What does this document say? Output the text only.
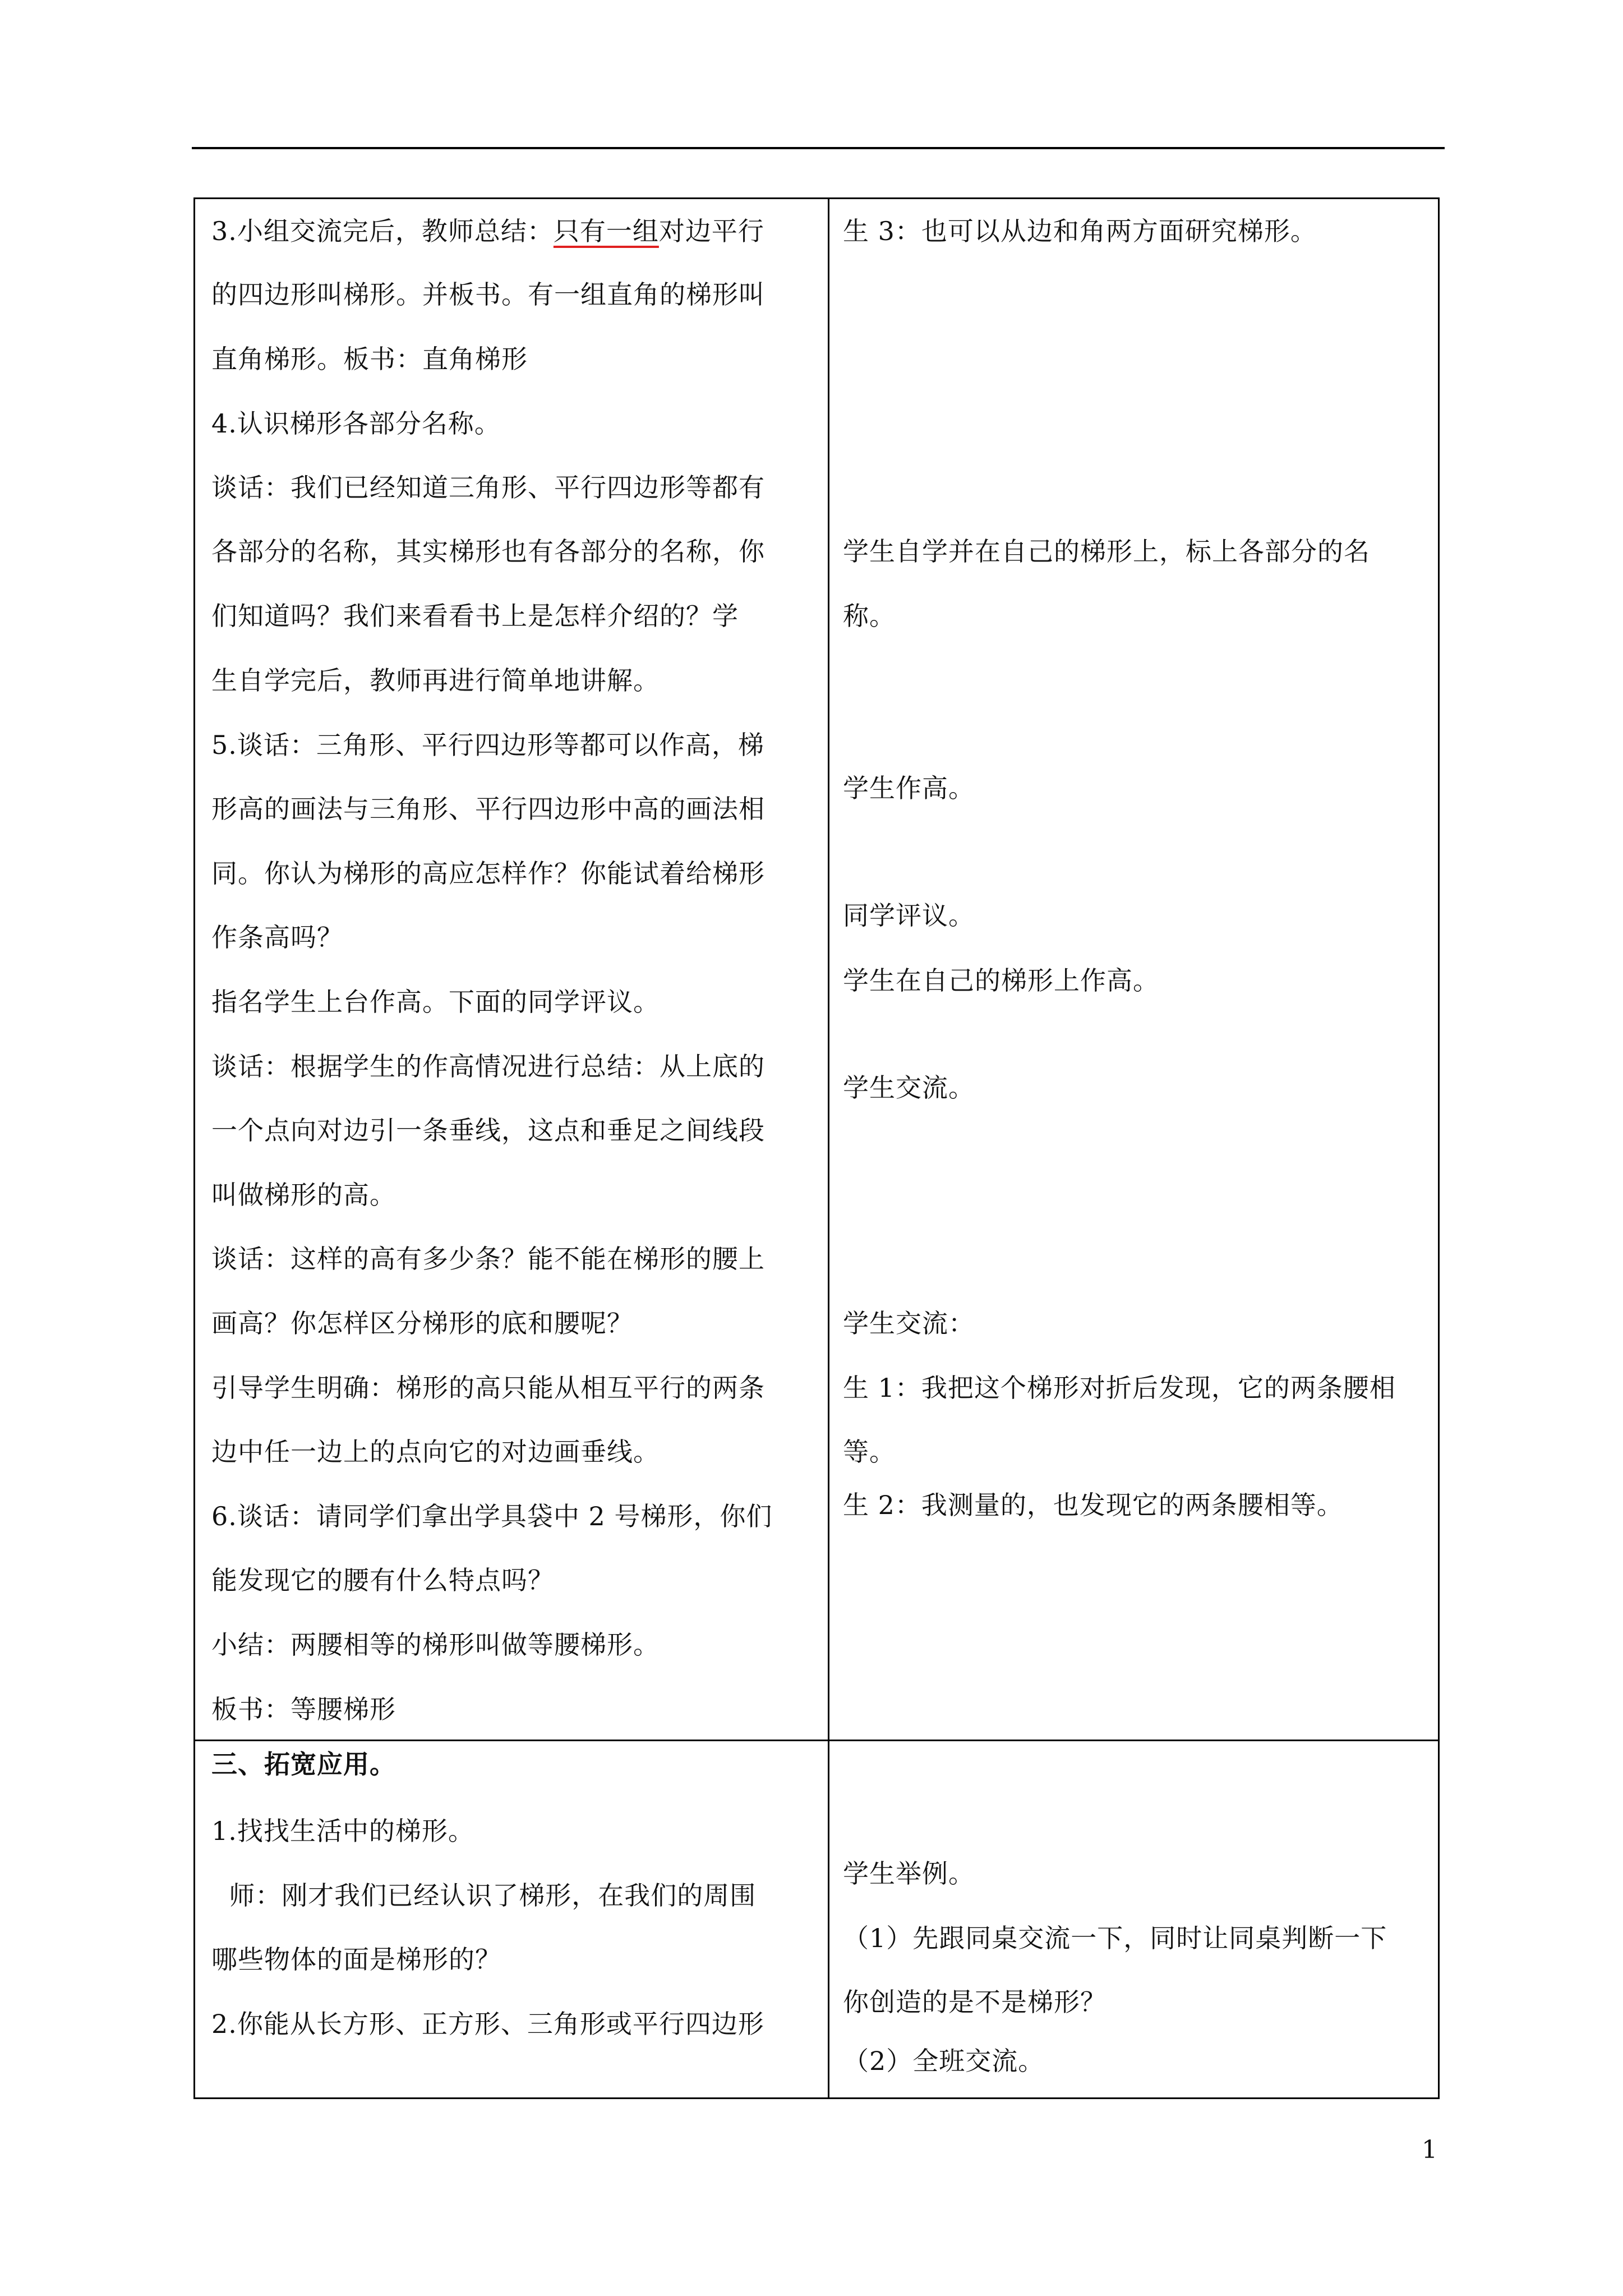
3.小组交流完后，教师总结：只有一组对边平行
的四边形叫梯形。并板书。有一组直角的梯形叫
直角梯形。板书：直角梯形
4.认识梯形各部分名称。
谈话：我们已经知道三角形、平行四边形等都有
各部分的名称，其实梯形也有各部分的名称，你
们知道吗？我们来看看书上是怎样介绍的？学
生自学完后，教师再进行简单地讲解。
5.谈话：三角形、平行四边形等都可以作高，梯
形高的画法与三角形、平行四边形中高的画法相
同。你认为梯形的高应怎样作？你能试着给梯形
作条高吗？
指名学生上台作高。下面的同学评议。
谈话：根据学生的作高情况进行总结：从上底的
一个点向对边引一条垂线，这点和垂足之间线段
叫做梯形的高。
谈话：这样的高有多少条？能不能在梯形的腰上
画高？你怎样区分梯形的底和腰呢？
引导学生明确：梯形的高只能从相互平行的两条
边中任一边上的点向它的对边画垂线。
6.谈话：请同学们拿出学具袋中 2 号梯形，你们
能发现它的腰有什么特点吗？
小结：两腰相等的梯形叫做等腰梯形。
板书：等腰梯形
三、拓宽应用。
1.找找生活中的梯形。
师：刚才我们已经认识了梯形，在我们的周围
哪些物体的面是梯形的？
2.你能从长方形、正方形、三角形或平行四边形
生 3：也可以从边和角两方面研究梯形。
学生自学并在自己的梯形上，标上各部分的名
称。
学生作高。
同学评议。
学生在自己的梯形上作高。
学生交流。
学生交流：
生 1：我把这个梯形对折后发现，它的两条腰相
等。
生 2：我测量的，也发现它的两条腰相等。
学生举例。
（1）先跟同桌交流一下，同时让同桌判断一下
你创造的是不是梯形？
（2）全班交流。
1
